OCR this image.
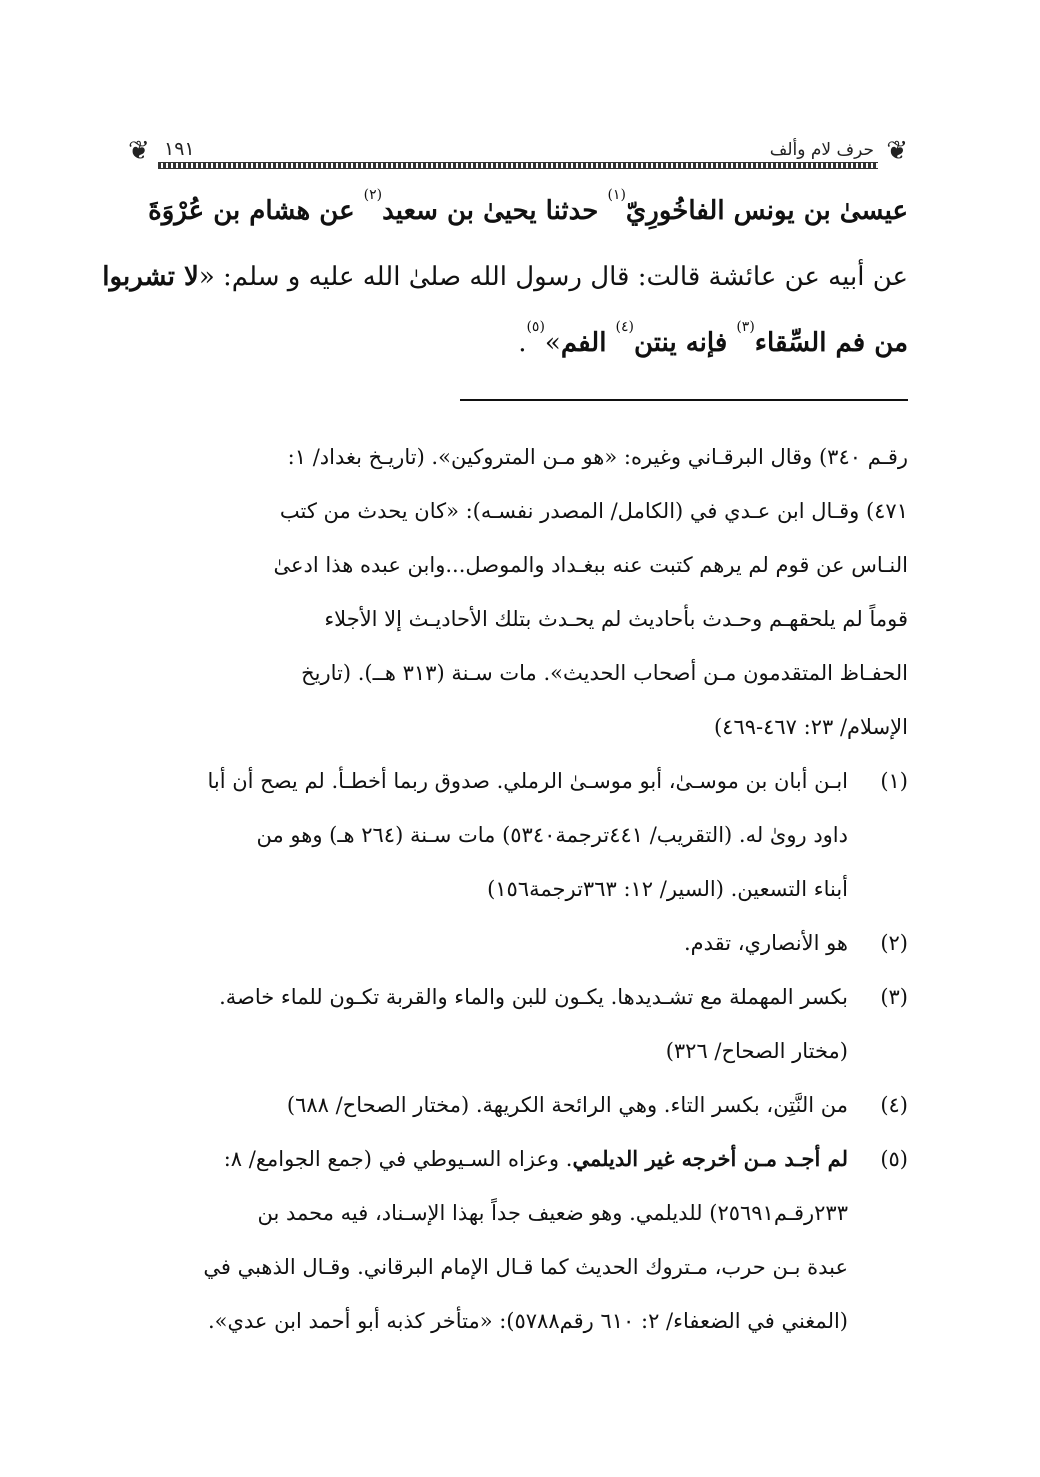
❦
حرف لام وألف
١٩١
❦
عيسىٰ بن يونس الفاخُورِيّ$^{(١)}$ حدثنا يحيىٰ بن سعيد$^{(٢)}$ عن هشام بن عُرْوَةَ
عن أبيه عن عائشة قالت: قال رسول الله صلىٰ الله عليه و سلم: «لا تشربوا
من فم السِّقاء$^{(٣)}$ فإنه ينتن$^{(٤)}$ الفم»$^{(٥)}$.
رقـم ٣٤٠) وقال البرقـاني وغيره: «هو مـن المتروكين». (تاريـخ بغداد/ ١:
٤٧١) وقـال ابن عـدي في (الكامل/ المصدر نفسـه): «كان يحدث من كتب
النـاس عن قوم لم يرهم كتبت عنه ببغـداد والموصل...وابن عبده هذا ادعىٰ
قوماً لم يلحقهـم وحـدث بأحاديث لم يحـدث بتلك الأحاديـث إلا الأجلاء
الحفـاظ المتقدمون مـن أصحاب الحديث». مات سـنة (٣١٣ هــ). (تاريخ
الإسلام/ ٢٣: ٤٦٧-٤٦٩)
(١)
ابـن أبان بن موسـىٰ، أبو موسـىٰ الرملي. صدوق ربما أخطـأ. لم يصح أن أبا
داود روىٰ له. (التقريب/ ٤٤١ترجمة٥٣٤٠) مات سـنة (٢٦٤ هـ) وهو من
أبناء التسعين. (السير/ ١٢: ٣٦٣ترجمة١٥٦)
(٢)
هو الأنصاري، تقدم.
(٣)
بكسر المهملة مع تشـديدها. يكـون للبن والماء والقربة تكـون للماء خاصة.
(مختار الصحاح/ ٣٢٦)
(٤)
من النَّتِن، بكسر التاء. وهي الرائحة الكريهة. (مختار الصحاح/ ٦٨٨)
(٥)
لم أجـد مـن أخرجه غير الديلمي. وعزاه السـيوطي في (جمع الجوامع/ ٨:
٢٣٣رقـم٢٥٦٩١) للديلمي. وهو ضعيف جداً بهذا الإسـناد، فيه محمد بن
عبدة بـن حرب، مـتروك الحديث كما قـال الإمام البرقاني. وقـال الذهبي في
(المغني في الضعفاء/ ٢: ٦١٠ رقم٥٧٨٨): «متأخر كذبه أبو أحمد ابن عدي».
